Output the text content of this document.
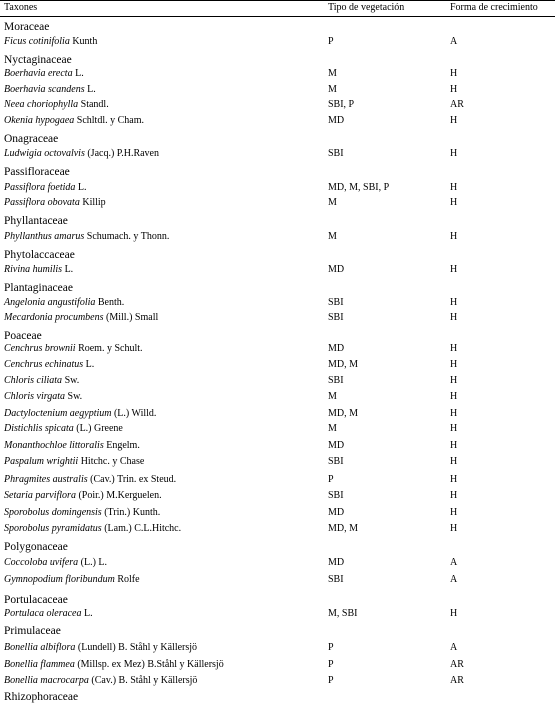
Taxones	Tipo de vegetación	Forma de crecimiento
Moraceae
Ficus cotinifolia Kunth	P	A
Nyctaginaceae
Boerhavia erecta L.	M	H
Boerhavia scandens L.	M	H
Neea choriophylla Standl.	SBI, P	AR
Okenia hypogaea Schltdl. y Cham.	MD	H
Onagraceae
Ludwigia octovalvis (Jacq.) P.H.Raven	SBI	H
Passifloraceae
Passiflora foetida L.	MD, M, SBI, P	H
Passiflora obovata Killip	M	H
Phyllantaceae
Phyllanthus amarus Schumach. y Thonn.	M	H
Phytolaccaceae
Rivina humilis L.	MD	H
Plantaginaceae
Angelonia angustifolia Benth.	SBI	H
Mecardonia procumbens (Mill.) Small	SBI	H
Poaceae
Cenchrus brownii Roem. y Schult.	MD	H
Cenchrus echinatus L.	MD, M	H
Chloris ciliata Sw.	SBI	H
Chloris virgata Sw.	M	H
Dactyloctenium aegyptium (L.) Willd.	MD, M	H
Distichlis spicata (L.) Greene	M	H
Monanthochloe littoralis Engelm.	MD	H
Paspalum wrightii Hitchc. y Chase	SBI	H
Phragmites australis (Cav.) Trin. ex Steud.	P	H
Setaria parviflora (Poir.) M.Kerguelen.	SBI	H
Sporobolus domingensis (Trin.) Kunth.	MD	H
Sporobolus pyramidatus (Lam.) C.L.Hitchc.	MD, M	H
Polygonaceae
Coccoloba uvifera (L.) L.	MD	A
Gymnopodium floribundum Rolfe	SBI	A
Portulacaceae
Portulaca oleracea L.	M, SBI	H
Primulaceae
Bonellia albiflora (Lundell) B. Ståhl y Källersjö	P	A
Bonellia flammea (Millsp. ex Mez) B.Ståhl y Källersjö	P	AR
Bonellia macrocarpa (Cav.) B. Ståhl y Källersjö	P	AR
Rhizophoraceae
